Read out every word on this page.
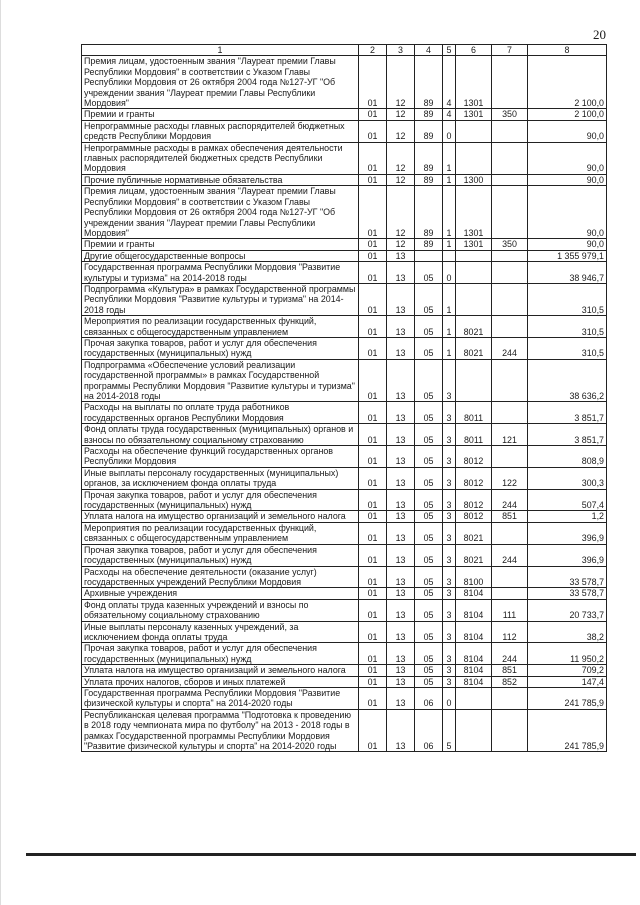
20
1	2	3	4	5	6	7	8
Премия лицам, удостоенным звания "Лауреат премии Главы Республики Мордовия" в соответствии с Указом Главы Республики Мордовия от 26 октября 2004 года №127-УГ "Об учреждении звания "Лауреат премии Главы Республики Мордовия"	01	12	89	4	1301		2 100,0
Премии и гранты	01	12	89	4	1301	350	2 100,0
Непрограммные расходы главных распорядителей бюджетных средств Республики Мордовия	01	12	89	0			90,0
Непрограммные расходы в рамках обеспечения деятельности главных распорядителей бюджетных средств Республики Мордовия	01	12	89	1			90,0
Прочие публичные нормативные обязательства	01	12	89	1	1300		90,0
Премия лицам, удостоенным звания "Лауреат премии Главы Республики Мордовия" в соответствии с Указом Главы Республики Мордовия от 26 октября 2004 года №127-УГ "Об учреждении звания "Лауреат премии Главы Республики Мордовия"	01	12	89	1	1301		90,0
Премии и гранты	01	12	89	1	1301	350	90,0
Другие общегосударственные вопросы	01	13					1 355 979,1
Государственная программа Республики Мордовия "Развитие культуры и туризма" на 2014-2018 годы	01	13	05	0			38 946,7
Подпрограмма «Культура» в рамках Государственной программы Республики Мордовия "Развитие культуры и туризма" на 2014-2018 годы	01	13	05	1			310,5
Мероприятия по реализации государственных функций, связанных с общегосударственным управлением	01	13	05	1	8021		310,5
Прочая закупка товаров, работ и услуг для обеспечения государственных (муниципальных) нужд	01	13	05	1	8021	244	310,5
Подпрограмма «Обеспечение условий реализации государственной программы» в рамках Государственной программы Республики Мордовия "Развитие культуры и туризма" на 2014-2018 годы	01	13	05	3			38 636,2
Расходы на выплаты по оплате труда работников государственных органов Республики Мордовия	01	13	05	3	8011		3 851,7
Фонд оплаты труда государственных (муниципальных) органов и взносы по обязательному социальному страхованию	01	13	05	3	8011	121	3 851,7
Расходы на обеспечение функций государственных органов Республики Мордовия	01	13	05	3	8012		808,9
Иные выплаты персоналу государственных (муниципальных) органов, за исключением фонда оплаты труда	01	13	05	3	8012	122	300,3
Прочая закупка товаров, работ и услуг для обеспечения государственных (муниципальных) нужд	01	13	05	3	8012	244	507,4
Уплата налога на имущество организаций и земельного налога	01	13	05	3	8012	851	1,2
Мероприятия по реализации государственных функций, связанных с общегосударственным управлением	01	13	05	3	8021		396,9
Прочая закупка товаров, работ и услуг для обеспечения государственных (муниципальных) нужд	01	13	05	3	8021	244	396,9
Расходы на обеспечение деятельности (оказание услуг) государственных учреждений Республики Мордовия	01	13	05	3	8100		33 578,7
Архивные учреждения	01	13	05	3	8104		33 578,7
Фонд оплаты труда казенных учреждений и взносы по обязательному социальному страхованию	01	13	05	3	8104	111	20 733,7
Иные выплаты персоналу казенных учреждений, за исключением фонда оплаты труда	01	13	05	3	8104	112	38,2
Прочая закупка товаров, работ и услуг для обеспечения государственных (муниципальных) нужд	01	13	05	3	8104	244	11 950,2
Уплата налога на имущество организаций и земельного налога	01	13	05	3	8104	851	709,2
Уплата прочих налогов, сборов и иных платежей	01	13	05	3	8104	852	147,4
Государственная программа Республики Мордовия "Развитие физической культуры и спорта" на 2014-2020 годы	01	13	06	0			241 785,9
Республиканская целевая программа "Подготовка к проведению в 2018 году чемпионата мира по футболу" на 2013 - 2018 годы в рамках Государственной программы Республики Мордовия "Развитие физической культуры и спорта" на 2014-2020 годы	01	13	06	5			241 785,9
